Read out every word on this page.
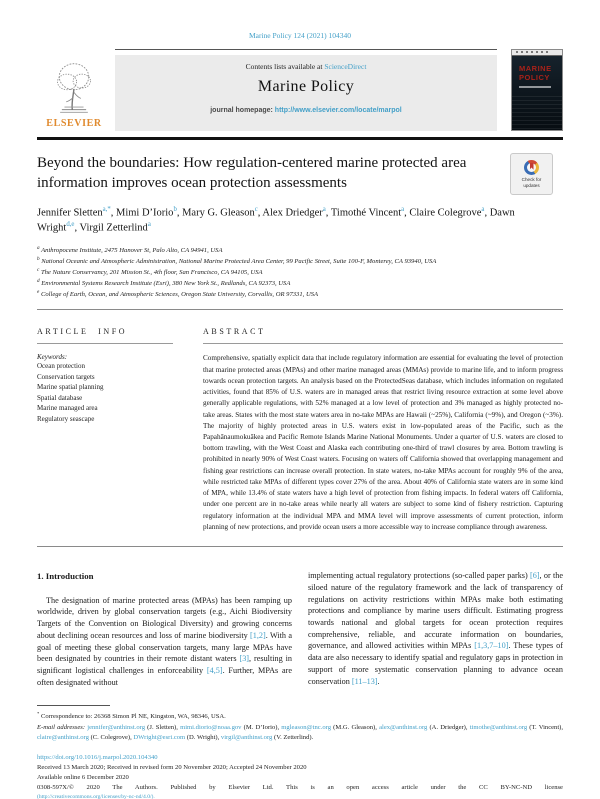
Marine Policy 124 (2021) 104340
ELSEVIER
Contents lists available at ScienceDirect
Marine Policy
journal homepage: http://www.elsevier.com/locate/marpol
MARINE
POLICY
Check for
updates
Beyond the boundaries: How regulation-centered marine protected area information improves ocean protection assessments
Jennifer Sletten$^{a,*}$, Mimi D’Iorio$^b$, Mary G. Gleason$^c$, Alex Driedger$^a$, Timothé Vincent$^a$, Claire Colegrove$^a$, Dawn Wright$^{d,e}$, Virgil Zetterlind$^a$
$^a$ Anthropocene Institute, 2475 Hanover St, Palo Alto, CA 94941, USA
$^b$ National Oceanic and Atmospheric Administration, National Marine Protected Area Center, 99 Pacific Street, Suite 100-F, Monterey, CA 93940, USA
$^c$ The Nature Conservancy, 201 Mission St., 4th floor, San Francisco, CA 94105, USA
$^d$ Environmental Systems Research Institute (Esri), 380 New York St., Redlands, CA 92373, USA
$^e$ College of Earth, Ocean, and Atmospheric Sciences, Oregon State University, Corvallis, OR 97331, USA
ARTICLE INFO
Keywords:
Ocean protection
Conservation targets
Marine spatial planning
Spatial database
Marine managed area
Regulatory seascape
ABSTRACT
Comprehensive, spatially explicit data that include regulatory information are essential for evaluating the level of protection that marine protected areas (MPAs) and other marine managed areas (MMAs) provide to marine life, and to inform progress towards ocean protection targets. An analysis based on the ProtectedSeas database, which includes information on regulated activities, found that 85% of U.S. waters are in managed areas that restrict living resource extraction at some level above generally applicable regulations, with 52% managed at a low level of protection and 3% managed as highly protected no-take areas. States with the most state waters area in no-take MPAs are Hawaii (~25%), California (~9%), and Oregon (~3%). The majority of highly protected areas in U.S. waters exist in low-populated areas of the Pacific, such as the Papahānaumokuākea and Pacific Remote Islands Marine National Monuments. Under a quarter of U.S. waters are closed to bottom trawling, with the West Coast and Alaska each contributing one-third of trawl closures by area. Bottom trawling is prohibited in nearly 90% of West Coast waters. Focusing on waters off California showed that overlapping management and fishing gear restrictions can increase overall protection. In state waters, no-take MPAs account for roughly 9% of the area, while restricted take MPAs of different types cover 27% of the area. About 40% of California state waters are in some kind of MPA, while 13.4% of state waters have a high level of protection from fishing impacts. In federal waters off California, under one percent are in no-take areas while nearly all waters are subject to some kind of fishery restriction. Capturing regulatory information at the individual MPA and MMA level will improve assessments of current protection, inform planning of new protections, and provide ocean users a more accessible way to increase compliance through awareness.
1. Introduction
The designation of marine protected areas (MPAs) has been ramping up worldwide, driven by global conservation targets (e.g., Aichi Biodiversity Targets of the Convention on Biological Diversity) and growing concerns about declining ocean resources and loss of marine biodiversity [1,2]. With a goal of meeting these global conservation targets, many large MPAs have been designated by countries in their remote distant waters [3], resulting in significant logistical challenges in enforceability [4,5]. Further, MPAs are often designated without
implementing actual regulatory protections (so-called paper parks) [6], or the siloed nature of the regulatory framework and the lack of transparency of regulations on activity restrictions within MPAs make both estimating protections and compliance by marine users difficult. Estimating progress towards national and global targets for ocean protection requires comprehensive, reliable, and accurate information on boundaries, governance, and allowed activities within MPAs [1,3,7–10]. These types of data are also necessary to identify spatial and regulatory gaps in protection in support of more systematic conservation planning to advance ocean conservation [11–13].
* Correspondence to: 26368 Simon Pl NE, Kingston, WA, 98346, USA.
E-mail addresses: jennifer@anthinst.org (J. Sletten), mimi.diorio@noaa.gov (M. D’Iorio), mgleason@tnc.org (M.G. Gleason), alex@anthinst.org (A. Driedger), timothe@anthinst.org (T. Vincent), claire@anthinst.org (C. Colegrove), DWright@esri.com (D. Wright), virgil@anthinst.org (V. Zetterlind).
https://doi.org/10.1016/j.marpol.2020.104340
Received 13 March 2020; Received in revised form 20 November 2020; Accepted 24 November 2020
Available online 6 December 2020
0308-597X/© 2020 The Authors. Published by Elsevier Ltd. This is an open access article under the CC BY-NC-ND license
(http://creativecommons.org/licenses/by-nc-nd/4.0/).
